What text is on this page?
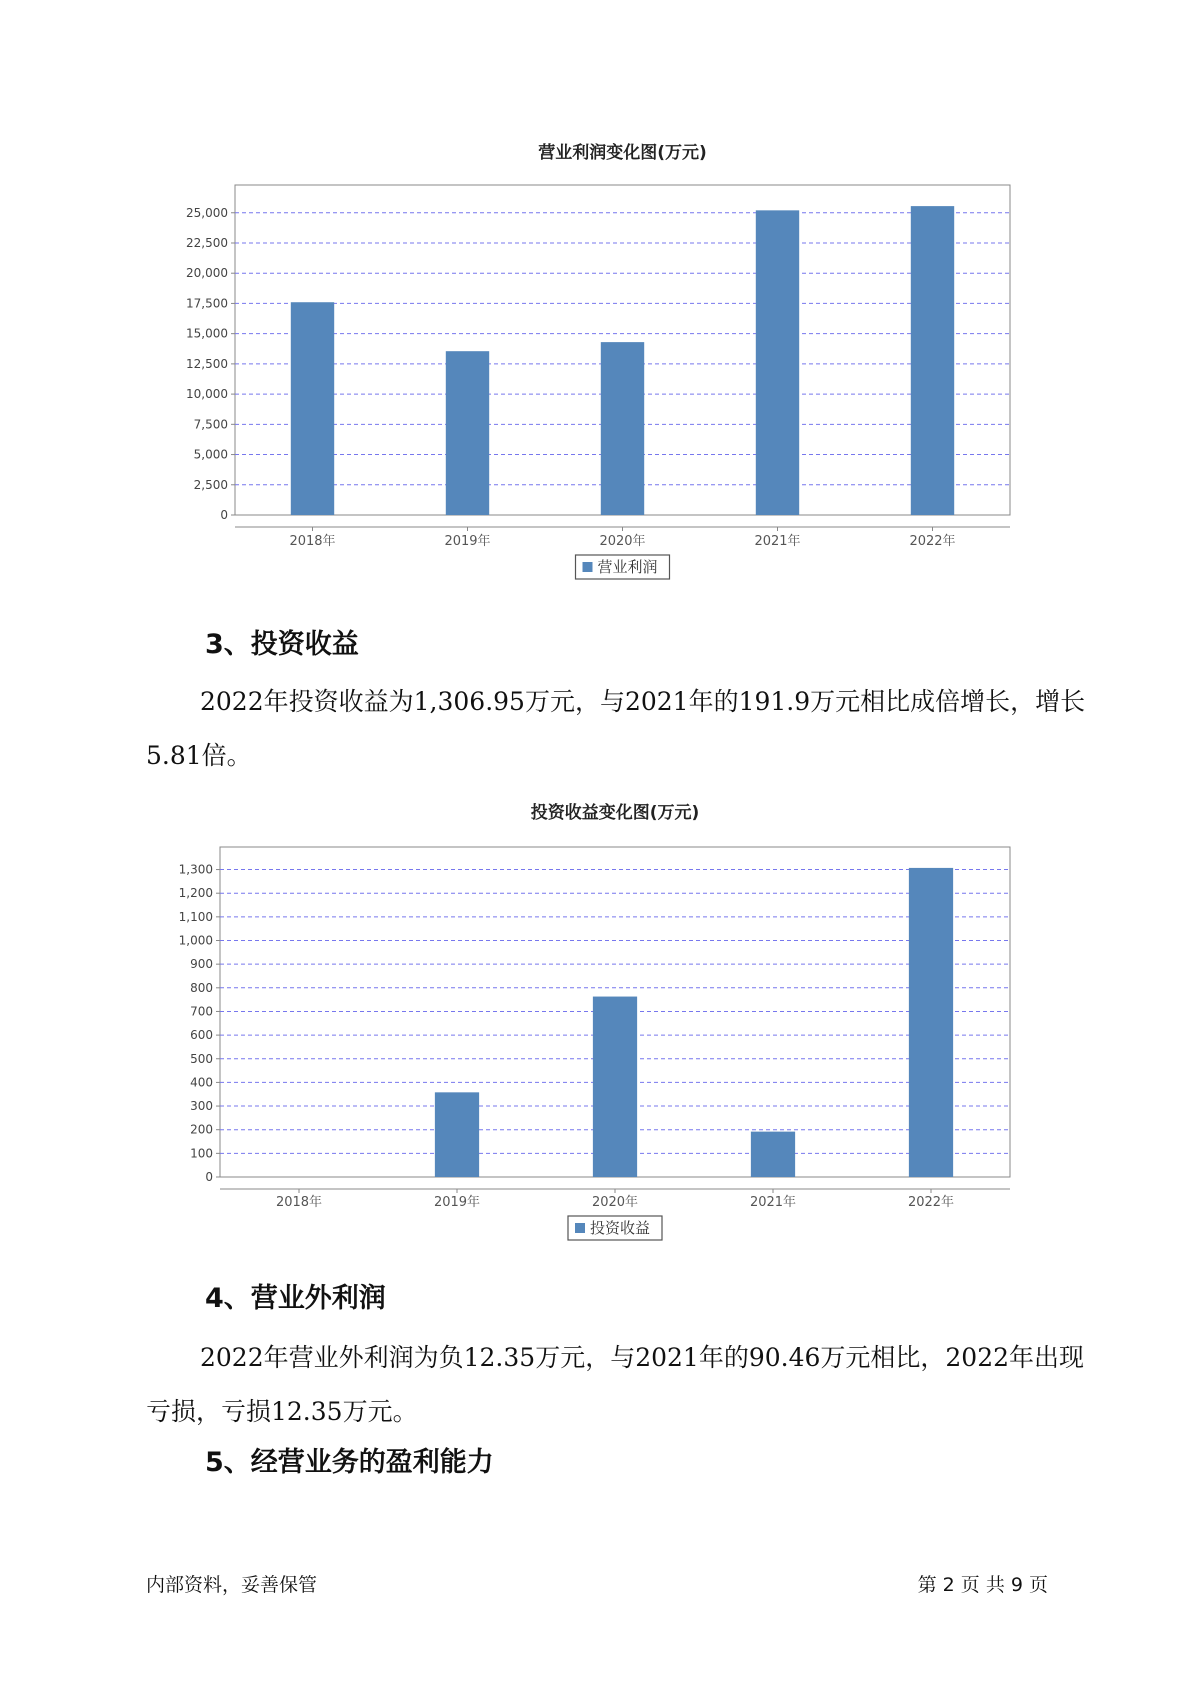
营业利润变化图(万元)
0
2,500
5,000
7,500
10,000
12,500
15,000
17,500
20,000
22,500
25,000
2018年	2019年	2020年	2021年	2022年
营业利润
3、投资收益

2022年投资收益为1,306.95万元，与2021年的191.9万元相比成倍增长，增长5.81倍。

投资收益变化图(万元)
0
100
200
300
400
500
600
700
800
900
1,000
1,100
1,200
1,300
2018年	2019年	2020年	2021年	2022年
投资收益
4、营业外利润

2022年营业外利润为负12.35万元，与2021年的90.46万元相比，2022年出现亏损，亏损12.35万元。

5、经营业务的盈利能力
内部资料，妥善保管	第 2 页 共 9 页
